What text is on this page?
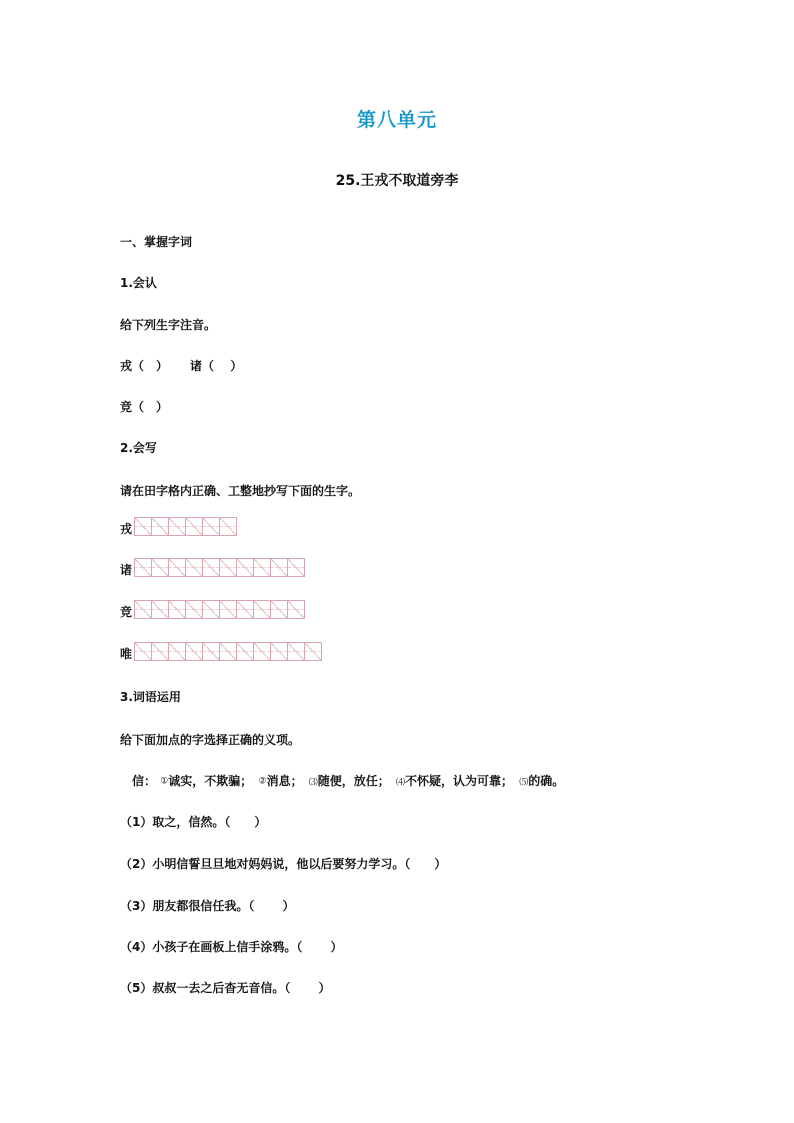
第八单元
25.王戎不取道旁李
一、掌握字词
1.会认
给下列生字注音。
戎（　） 诸（　 ）
竞（　）
2.会写
请在田字格内正确、工整地抄写下面的生字。
戎
诸
竞
唯
3.词语运用
给下面加点的字选择正确的义项。
信： ①诚实，不欺骗； ②消息； ⑶随便，放任； ⑷不怀疑，认为可靠； ⑸的确。
（1）取之，信然。（　　）
（2）小明信誓旦旦地对妈妈说，他以后要努力学习。（　　）
（3）朋友都很信任我。（　　 ）
（4）小孩子在画板上信手涂鸦。（　　 ）
（5）叔叔一去之后杳无音信。（　　 ）
